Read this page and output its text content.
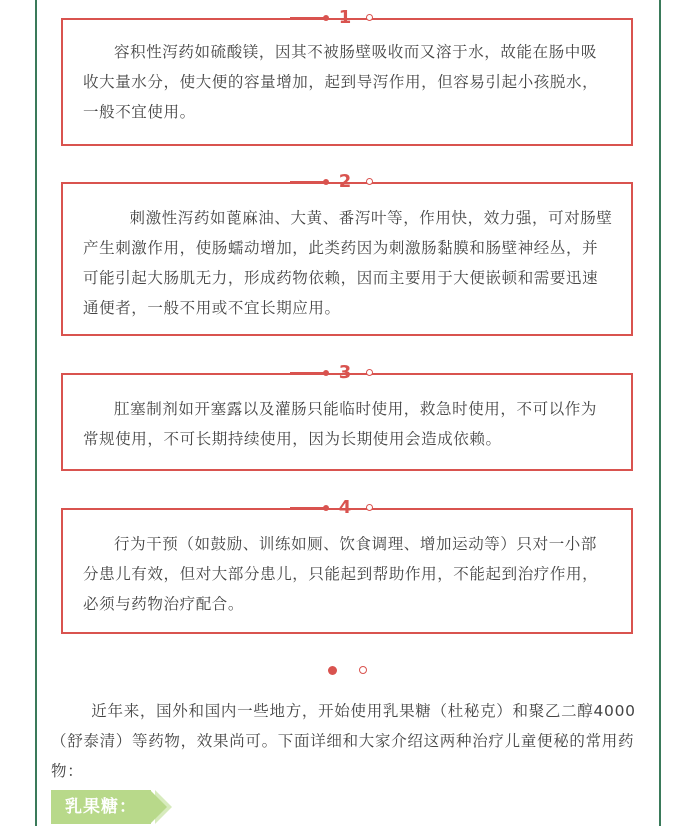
容积性泻药如硫酸镁，因其不被肠壁吸收而又溶于水，故能在肠中吸收大量水分，使大便的容量增加，起到导泻作用，但容易引起小孩脱水，一般不宜使用。
1
刺激性泻药如蓖麻油、大黄、番泻叶等，作用快，效力强，可对肠壁产生刺激作用，使肠蠕动增加，此类药因为刺激肠黏膜和肠壁神经丛，并可能引起大肠肌无力，形成药物依赖，因而主要用于大便嵌顿和需要迅速通便者，一般不用或不宜长期应用。
2
肛塞制剂如开塞露以及灌肠只能临时使用，救急时使用，不可以作为常规使用，不可长期持续使用，因为长期使用会造成依赖。
3
行为干预（如鼓励、训练如厕、饮食调理、增加运动等）只对一小部分患儿有效，但对大部分患儿，只能起到帮助作用，不能起到治疗作用，必须与药物治疗配合。
4
近年来，国外和国内一些地方，开始使用乳果糖（杜秘克）和聚乙二醇4000（舒泰清）等药物，效果尚可。下面详细和大家介绍这两种治疗儿童便秘的常用药物：
乳果糖：
